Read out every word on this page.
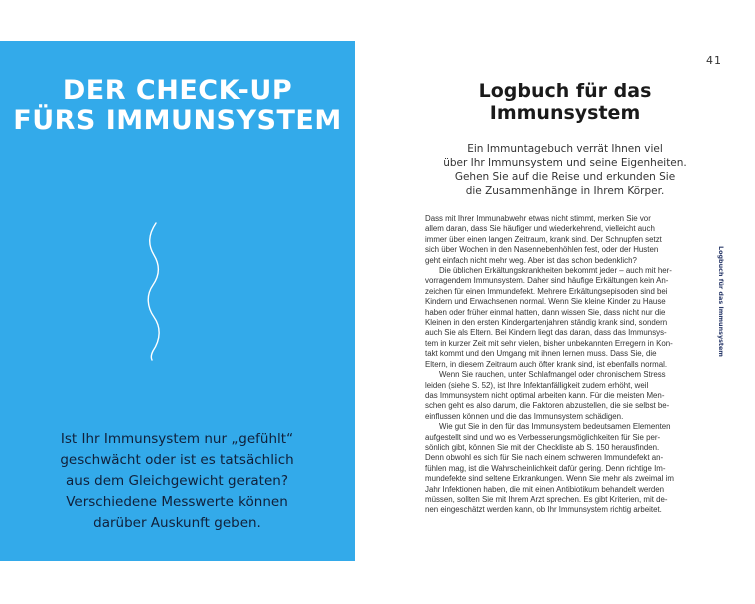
DER CHECK-UP
FÜRS IMMUNSYSTEM
Ist Ihr Immunsystem nur „gefühlt“
geschwächt oder ist es tatsächlich
aus dem Gleichgewicht geraten?
Verschiedene Messwerte können
darüber Auskunft geben.
41
Logbuch für das
Immunsystem
Ein Immuntagebuch verrät Ihnen viel
über Ihr Immunsystem und seine Eigenheiten.
Gehen Sie auf die Reise und erkunden Sie
die Zusammenhänge in Ihrem Körper.
Dass mit Ihrer Immunabwehr etwas nicht stimmt, merken Sie vor
allem daran, dass Sie häufiger und wiederkehrend, vielleicht auch
immer über einen langen Zeitraum, krank sind. Der Schnupfen setzt
sich über Wochen in den Nasennebenhöhlen fest, oder der Husten
geht einfach nicht mehr weg. Aber ist das schon bedenklich?
Die üblichen Erkältungskrankheiten bekommt jeder – auch mit her-
vorragendem Immunsystem. Daher sind häufige Erkältungen kein An-
zeichen für einen Immundefekt. Mehrere Erkältungsepisoden sind bei
Kindern und Erwachsenen normal. Wenn Sie kleine Kinder zu Hause
haben oder früher einmal hatten, dann wissen Sie, dass nicht nur die
Kleinen in den ersten Kindergartenjahren ständig krank sind, sondern
auch Sie als Eltern. Bei Kindern liegt das daran, dass das Immunsys-
tem in kurzer Zeit mit sehr vielen, bisher unbekannten Erregern in Kon-
takt kommt und den Umgang mit ihnen lernen muss. Dass Sie, die
Eltern, in diesem Zeitraum auch öfter krank sind, ist ebenfalls normal.
Wenn Sie rauchen, unter Schlafmangel oder chronischem Stress
leiden (siehe S. 52), ist Ihre Infektanfälligkeit zudem erhöht, weil
das Immunsystem nicht optimal arbeiten kann. Für die meisten Men-
schen geht es also darum, die Faktoren abzustellen, die sie selbst be-
einflussen können und die das Immunsystem schädigen.
Wie gut Sie in den für das Immunsystem bedeutsamen Elementen
aufgestellt sind und wo es Verbesserungsmöglichkeiten für Sie per-
sönlich gibt, können Sie mit der Checkliste ab S. 150 herausfinden.
Denn obwohl es sich für Sie nach einem schweren Immundefekt an-
fühlen mag, ist die Wahrscheinlichkeit dafür gering. Denn richtige Im-
mundefekte sind seltene Erkrankungen. Wenn Sie mehr als zweimal im
Jahr Infektionen haben, die mit einen Antibiotikum behandelt werden
müssen, sollten Sie mit Ihrem Arzt sprechen. Es gibt Kriterien, mit de-
nen eingeschätzt werden kann, ob Ihr Immunsystem richtig arbeitet.
Logbuch für das Immunsystem
